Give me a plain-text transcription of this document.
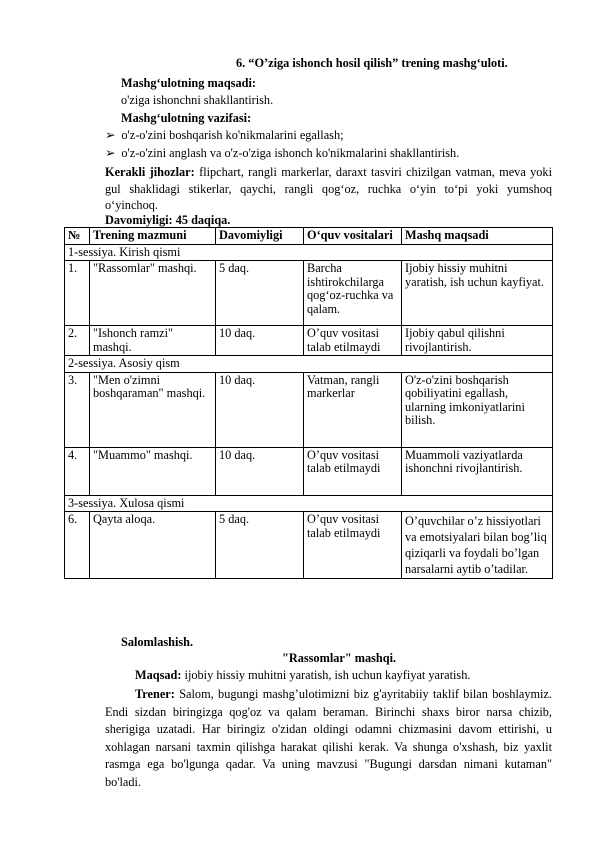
6. “O’ziga ishonch hosil qilish” trening mashg‘uloti.
Mashg‘ulotning maqsadi:
o'ziga ishonchni shakllantirish.
Mashg‘ulotning vazifasi:
➢ o'z-o'zini boshqarish ko'nikmalarini egallash;
➢ o'z-o'zini anglash va o'z-o'ziga ishonch ko'nikmalarini shakllantirish.
Kerakli jihozlar: flipchart, rangli markerlar, daraxt tasviri chizilgan vatman, meva yoki gul shaklidagi stikerlar, qaychi, rangli qog‘oz, ruchka o‘yin to‘pi yoki yumshoq o‘yinchoq.
Davomiyligi: 45 daqiqa.
№	Trening mazmuni	Davomiyligi	O‘quv vositalari	Mashq maqsadi
1-sessiya. Kirish qismi				
1.	"Rassomlar" mashqi.	5 daq.	Barcha ishtirokchilarga qog‘oz-ruchka va qalam.	Ijobiy hissiy muhitni yaratish, ish uchun kayfiyat.
2.	"Ishonch ramzi" mashqi.	10 daq.	O’quv vositasi talab etilmaydi	Ijobiy qabul qilishni rivojlantirish.
2-sessiya. Asosiy qism				
3.	"Men o'zimni boshqaraman" mashqi.	10 daq.	Vatman, rangli markerlar	O'z-o'zini boshqarish qobiliyatini egallash, ularning imkoniyatlarini bilish.
4.	"Muammo" mashqi.	10 daq.	O’quv vositasi talab etilmaydi	Muammoli vaziyatlarda ishonchni rivojlantirish.
3-sessiya. Xulosa qismi				
6.	Qayta aloqa.	5 daq.	O’quv vositasi talab etilmaydi	O’quvchilar o’z hissiyotlari va emotsiyalari bilan bog’liq qiziqarli va foydali bo’lgan narsalarni aytib o’tadilar.
Salomlashish.
"Rassomlar" mashqi.
Maqsad: ijobiy hissiy muhitni yaratish, ish uchun kayfiyat yaratish.
Trener: Salom, bugungi mashg’ulotimizni biz g'ayritabiiy taklif bilan boshlaymiz. Endi sizdan biringizga qog'oz va qalam beraman. Birinchi shaxs biror narsa chizib, sherigiga uzatadi. Har biringiz o'zidan oldingi odamni chizmasini davom ettirishi, u xohlagan narsani taxmin qilishga harakat qilishi kerak. Va shunga o'xshash, biz yaxlit rasmga ega bo'lgunga qadar. Va uning mavzusi "Bugungi darsdan nimani kutaman" bo'ladi.
